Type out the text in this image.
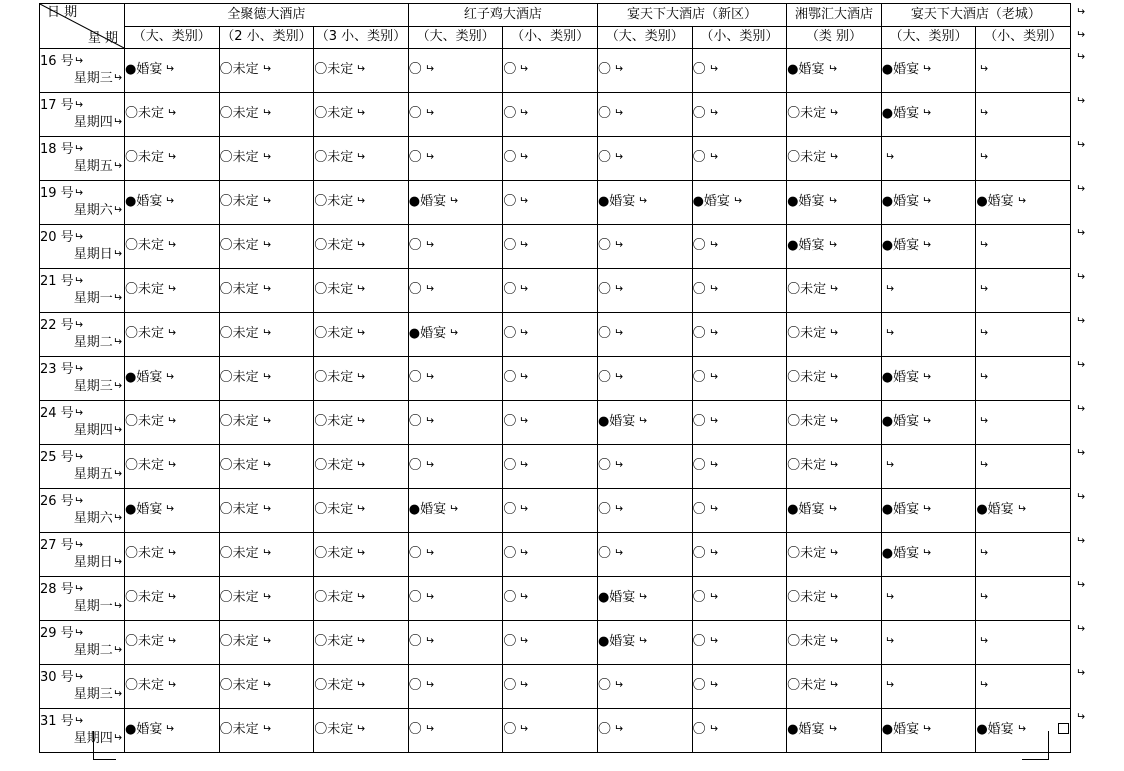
日 期
星 期	全聚德大酒店			红子鸡大酒店		宴天下大酒店（新区）		湘鄂汇大酒店	宴天下大酒店（老城）	
	（大、类别）	（2 小、类别）	（3 小、类别）	（大、类别）	（小、类别）	（大、类别）	（小、类别）	（类 别）	（大、类别）	（小、类别）

16 号↵
星期三↵	●婚宴 ↵	〇未定 ↵	〇未定 ↵	〇 ↵	〇 ↵	〇 ↵	〇 ↵	●婚宴 ↵	●婚宴 ↵	↵

17 号↵
星期四↵	〇未定 ↵	〇未定 ↵	〇未定 ↵	〇 ↵	〇 ↵	〇 ↵	〇 ↵	〇未定 ↵	●婚宴 ↵	↵

18 号↵
星期五↵	〇未定 ↵	〇未定 ↵	〇未定 ↵	〇 ↵	〇 ↵	〇 ↵	〇 ↵	〇未定 ↵	↵	↵

19 号↵
星期六↵	●婚宴 ↵	〇未定 ↵	〇未定 ↵	●婚宴 ↵	〇 ↵	●婚宴 ↵	●婚宴 ↵	●婚宴 ↵	●婚宴 ↵	●婚宴 ↵

20 号↵
星期日↵	〇未定 ↵	〇未定 ↵	〇未定 ↵	〇 ↵	〇 ↵	〇 ↵	〇 ↵	●婚宴 ↵	●婚宴 ↵	↵

21 号↵
星期一↵	〇未定 ↵	〇未定 ↵	〇未定 ↵	〇 ↵	〇 ↵	〇 ↵	〇 ↵	〇未定 ↵	↵	↵

22 号↵
星期二↵	〇未定 ↵	〇未定 ↵	〇未定 ↵	●婚宴 ↵	〇 ↵	〇 ↵	〇 ↵	〇未定 ↵	↵	↵

23 号↵
星期三↵	●婚宴 ↵	〇未定 ↵	〇未定 ↵	〇 ↵	〇 ↵	〇 ↵	〇 ↵	〇未定 ↵	●婚宴 ↵	↵

24 号↵
星期四↵	〇未定 ↵	〇未定 ↵	〇未定 ↵	〇 ↵	〇 ↵	●婚宴 ↵	〇 ↵	〇未定 ↵	●婚宴 ↵	↵

25 号↵
星期五↵	〇未定 ↵	〇未定 ↵	〇未定 ↵	〇 ↵	〇 ↵	〇 ↵	〇 ↵	〇未定 ↵	↵	↵

26 号↵
星期六↵	●婚宴 ↵	〇未定 ↵	〇未定 ↵	●婚宴 ↵	〇 ↵	〇 ↵	〇 ↵	●婚宴 ↵	●婚宴 ↵	●婚宴 ↵

27 号↵
星期日↵	〇未定 ↵	〇未定 ↵	〇未定 ↵	〇 ↵	〇 ↵	〇 ↵	〇 ↵	〇未定 ↵	●婚宴 ↵	↵

28 号↵
星期一↵	〇未定 ↵	〇未定 ↵	〇未定 ↵	〇 ↵	〇 ↵	●婚宴 ↵	〇 ↵	〇未定 ↵	↵	↵

29 号↵
星期二↵	〇未定 ↵	〇未定 ↵	〇未定 ↵	〇 ↵	〇 ↵	●婚宴 ↵	〇 ↵	〇未定 ↵	↵	↵

30 号↵
星期三↵	〇未定 ↵	〇未定 ↵	〇未定 ↵	〇 ↵	〇 ↵	〇 ↵	〇 ↵	〇未定 ↵	↵	↵

31 号↵
星期四↵	●婚宴 ↵	〇未定 ↵	〇未定 ↵	〇 ↵	〇 ↵	〇 ↵	〇 ↵	●婚宴 ↵	●婚宴 ↵	●婚宴 ↵
↵
↵
↵
↵
↵
↵
↵
↵
↵
↵
↵
↵
↵
↵
↵
↵
↵
↵
